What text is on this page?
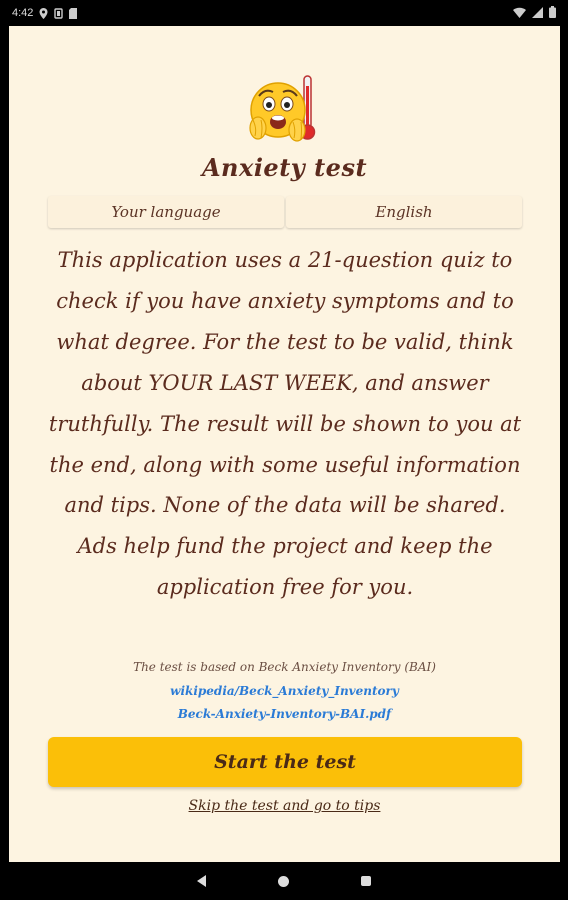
4:42
Anxiety test
Your language	English
This application uses a 21-question quiz to check if you have anxiety symptoms and to what degree. For the test to be valid, think about YOUR LAST WEEK, and answer truthfully. The result will be shown to you at the end, along with some useful information and tips. None of the data will be shared. Ads help fund the project and keep the application free for you.
The test is based on Beck Anxiety Inventory (BAI)
wikipedia/Beck_Anxiety_Inventory
Beck-Anxiety-Inventory-BAI.pdf
Start the test
Skip the test and go to tips
